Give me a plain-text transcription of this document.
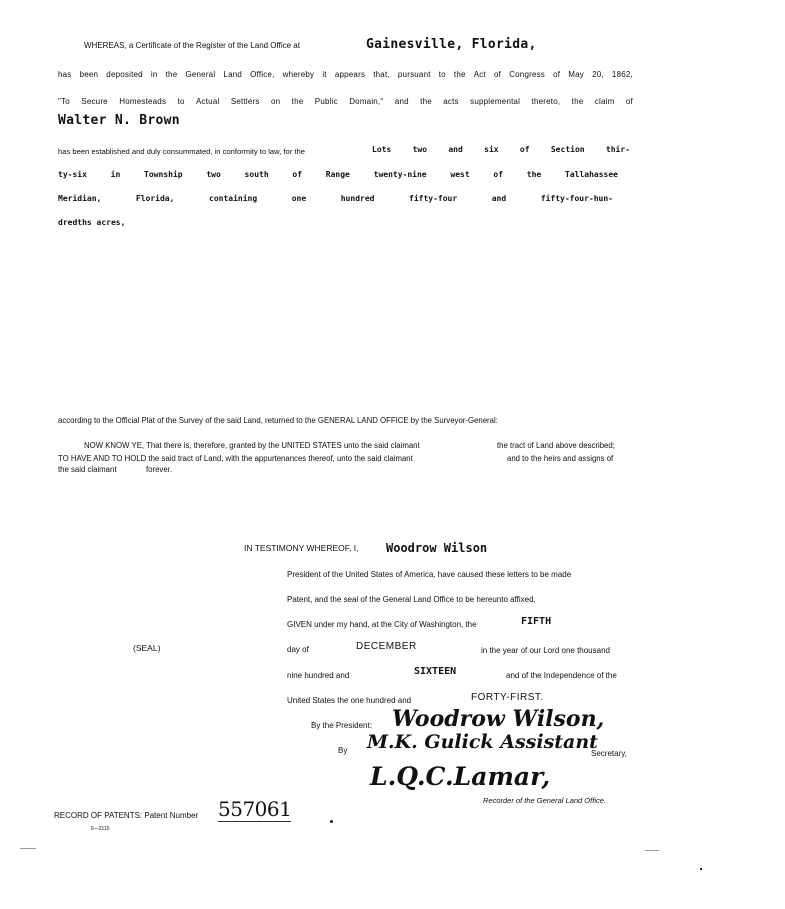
WHEREAS, a Certificate of the Register of the Land Office at	Gainesville, Florida,
has been deposited in the General Land Office, whereby it appears that, pursuant to the Act of Congress of May 20, 1862,
"To Secure Homesteads to Actual Settlers on the Public Domain," and the acts supplemental thereto, the claim of
Walter N. Brown
has been established and duly consummated, in conformity to law, for the	Lots two and six of Section thir-
ty-six in Township two south of Range twenty-nine west of the Tallahassee
Meridian, Florida, containing one hundred fifty-four and fifty-four-hun-
dredths acres,
according to the Official Plat of the Survey of the said Land, returned to the GENERAL LAND OFFICE by the Surveyor-General:
NOW KNOW YE, That there is, therefore, granted by the UNITED STATES unto the said claimant	the tract of Land above described;
TO HAVE AND TO HOLD the said tract of Land, with the appurtenances thereof, unto the said claimant	and to the heirs and assigns of
the said claimant	forever.
IN TESTIMONY WHEREOF, I, Woodrow Wilson
President of the United States of America, have caused these letters to be made
Patent, and the seal of the General Land Office to be hereunto affixed.
GIVEN under my hand, at the City of Washington, the	FIFTH
(SEAL)	day of	DECEMBER	in the year of our Lord one thousand
nine hundred and	SIXTEEN	and of the Independence of the
United States the one hundred and	FORTY-FIRST.
By the President: Woodrow Wilson,
By M.K. Gulick Assistant
Secretary,
L.Q.C.Lamar,
Recorder of the General Land Office.
RECORD OF PATENTS: Patent Number 557061
6—2115
